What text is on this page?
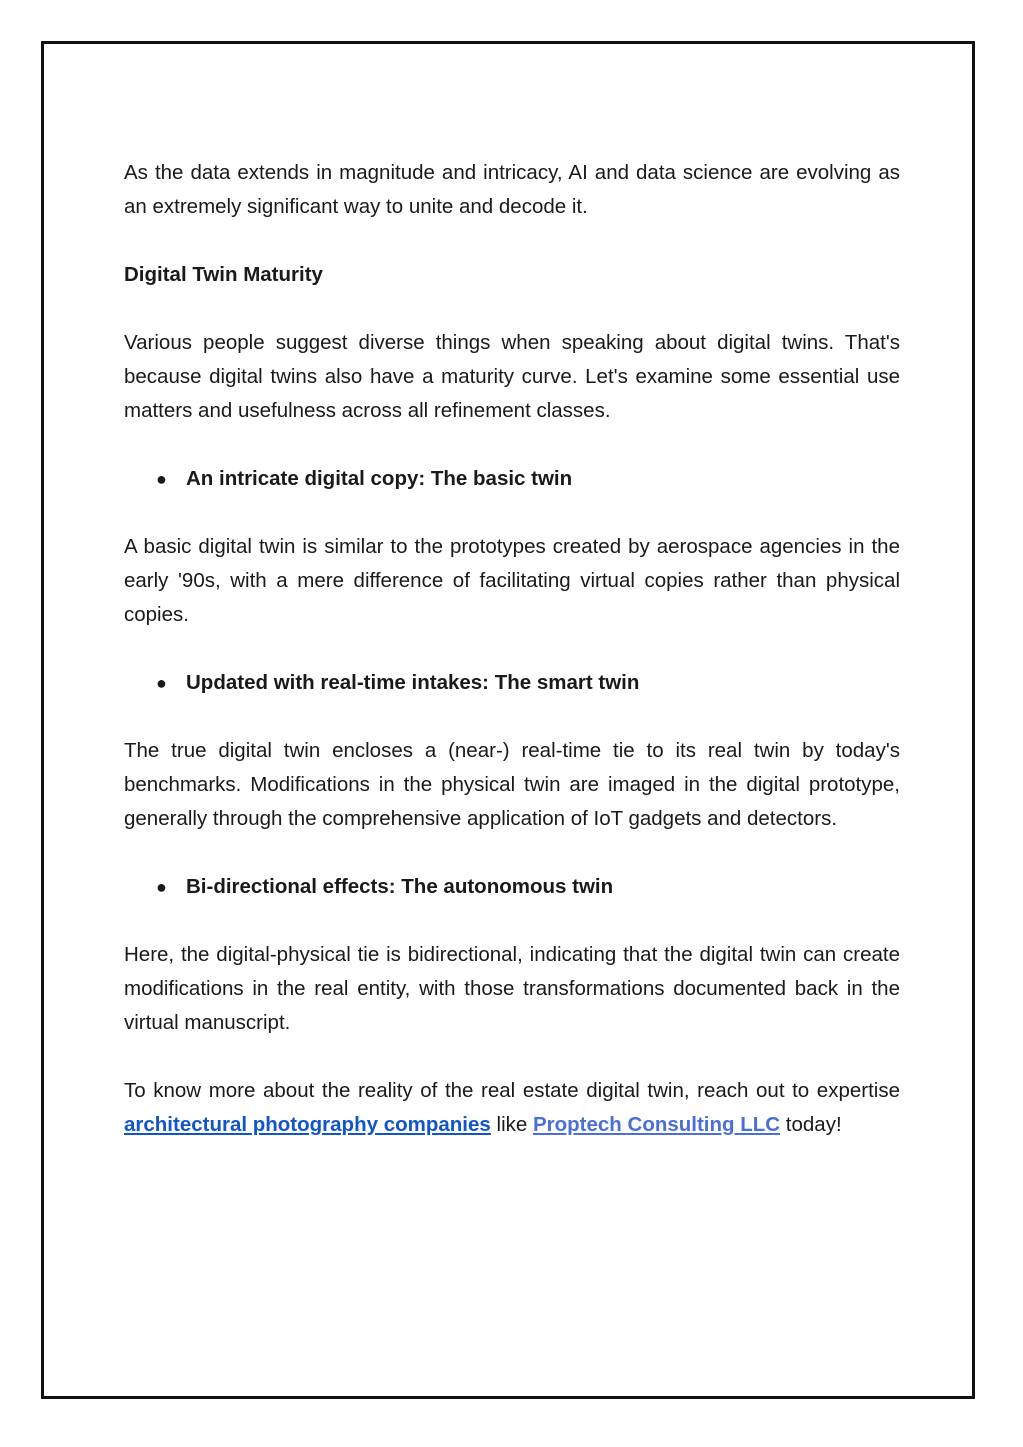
As the data extends in magnitude and intricacy, AI and data science are evolving as an extremely significant way to unite and decode it.

Digital Twin Maturity

Various people suggest diverse things when speaking about digital twins. That's because digital twins also have a maturity curve. Let's examine some essential use matters and usefulness across all refinement classes.

● An intricate digital copy: The basic twin

A basic digital twin is similar to the prototypes created by aerospace agencies in the early '90s, with a mere difference of facilitating virtual copies rather than physical copies.

● Updated with real-time intakes: The smart twin

The true digital twin encloses a (near-) real-time tie to its real twin by today's benchmarks. Modifications in the physical twin are imaged in the digital prototype, generally through the comprehensive application of IoT gadgets and detectors.

● Bi-directional effects: The autonomous twin

Here, the digital-physical tie is bidirectional, indicating that the digital twin can create modifications in the real entity, with those transformations documented back in the virtual manuscript.

To know more about the reality of the real estate digital twin, reach out to expertise architectural photography companies like Proptech Consulting LLC today!
